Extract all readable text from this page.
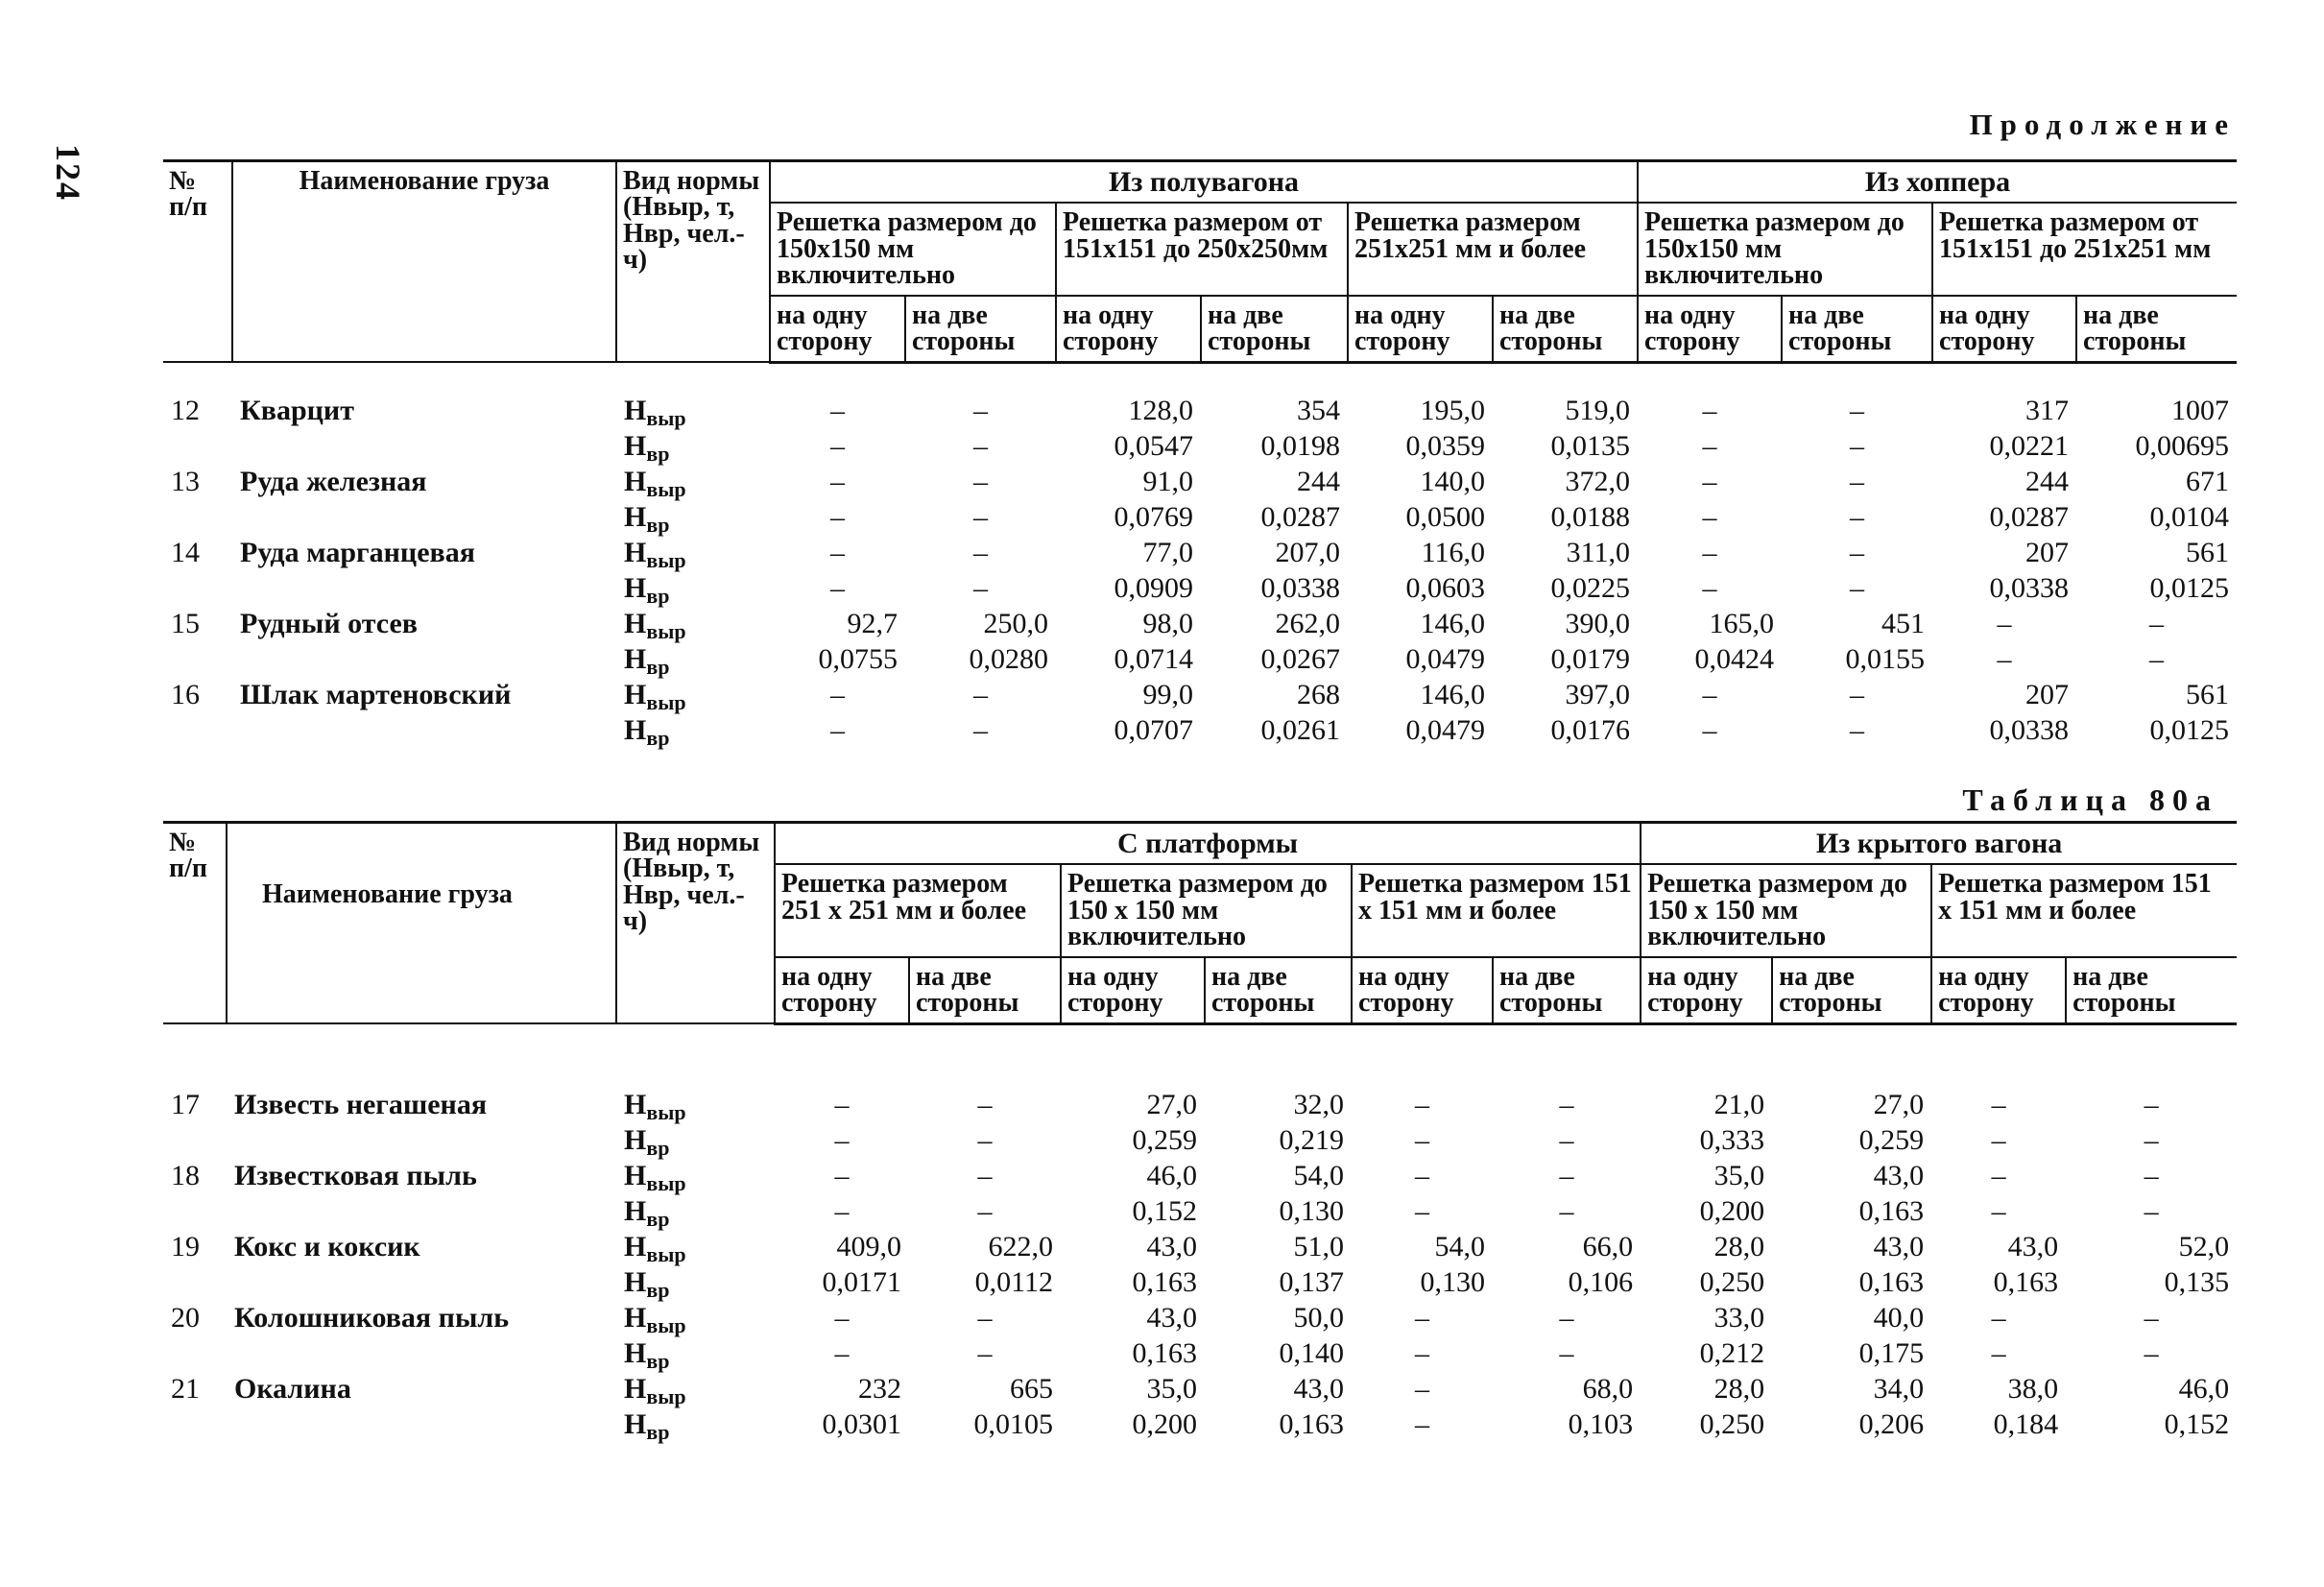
124
Продолжение
№ п/п	Наименование груза	Вид нормы (Нвыр, т, Нвр, чел.-ч)	Из полувагона						Из хоппера			
			Решетка размером до 150х150 мм включительно		Решетка размером от 151х151 до 250х250мм		Решетка размером 251х251 мм и более		Решетка размером до 150х150 мм включительно		Решетка размером от 151х151 до 251х251 мм	
			на одну сторону	на две стороны	на одну сторону	на две стороны	на одну сторону	на две стороны	на одну сторону	на две стороны	на одну сторону	на две стороны

12	Кварцит	$Н_{выр}$	–	–	128,0	354	195,0	519,0	–	–	317	1007
		$Н_{вр}$	–	–	0,0547	0,0198	0,0359	0,0135	–	–	0,0221	0,00695
13	Руда железная	$Н_{выр}$	–	–	91,0	244	140,0	372,0	–	–	244	671
		$Н_{вр}$	–	–	0,0769	0,0287	0,0500	0,0188	–	–	0,0287	0,0104
14	Руда марганцевая	$Н_{выр}$	–	–	77,0	207,0	116,0	311,0	–	–	207	561
		$Н_{вр}$	–	–	0,0909	0,0338	0,0603	0,0225	–	–	0,0338	0,0125
15	Рудный отсев	$Н_{выр}$	92,7	250,0	98,0	262,0	146,0	390,0	165,0	451	–	–
		$Н_{вр}$	0,0755	0,0280	0,0714	0,0267	0,0479	0,0179	0,0424	0,0155	–	–
16	Шлак мартеновский	$Н_{выр}$	–	–	99,0	268	146,0	397,0	–	–	207	561
		$Н_{вр}$	–	–	0,0707	0,0261	0,0479	0,0176	–	–	0,0338	0,0125
Таблица 80а
№ п/п	Наименование груза	Вид нормы (Нвыр, т, Нвр, чел.-ч)	С платформы						Из крытого вагона			
			Решетка размером 251 х 251 мм и более		Решетка размером до 150 х 150 мм включительно		Решетка размером 151 х 151 мм и более		Решетка размером до 150 х 150 мм включительно		Решетка размером 151 х 151 мм и более	
			на одну сторону	на две стороны	на одну сторону	на две стороны	на одну сторону	на две стороны	на одну сторону	на две стороны	на одну сторону	на две стороны

17	Известь негашеная	$Н_{выр}$	–	–	27,0	32,0	–	–	21,0	27,0	–	–
		$Н_{вр}$	–	–	0,259	0,219	–	–	0,333	0,259	–	–
18	Известковая пыль	$Н_{выр}$	–	–	46,0	54,0	–	–	35,0	43,0	–	–
		$Н_{вр}$	–	–	0,152	0,130	–	–	0,200	0,163	–	–
19	Кокс и коксик	$Н_{выр}$	409,0	622,0	43,0	51,0	54,0	66,0	28,0	43,0	43,0	52,0
		$Н_{вр}$	0,0171	0,0112	0,163	0,137	0,130	0,106	0,250	0,163	0,163	0,135
20	Колошниковая пыль	$Н_{выр}$	–	–	43,0	50,0	–	–	33,0	40,0	–	–
		$Н_{вр}$	–	–	0,163	0,140	–	–	0,212	0,175	–	–
21	Окалина	$Н_{выр}$	232	665	35,0	43,0	–	68,0	28,0	34,0	38,0	46,0
		$Н_{вр}$	0,0301	0,0105	0,200	0,163	–	0,103	0,250	0,206	0,184	0,152
